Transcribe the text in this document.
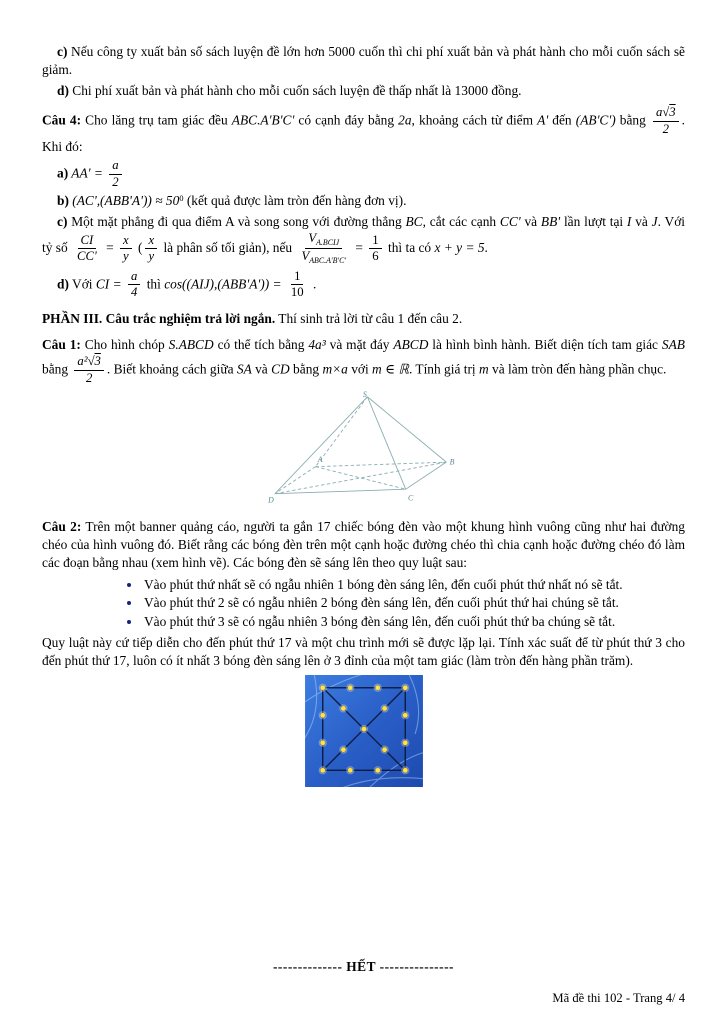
c) Nếu công ty xuất bản số sách luyện đề lớn hơn 5000 cuốn thì chi phí xuất bản và phát hành cho mỗi cuốn sách sẽ giảm.

d) Chi phí xuất bản và phát hành cho mỗi cuốn sách luyện đề thấp nhất là 13000 đồng.

Câu 4: Cho lăng trụ tam giác đều ABC.A'B'C' có cạnh đáy bằng 2a, khoảng cách từ điểm A' đến (AB'C') bằng $\frac{a√3}{2}$ . Khi đó:

a) $AA' = \frac{a}{2}$

b) $(AC',(ABB'A')) \approx 50^0$ (kết quả được làm tròn đến hàng đơn vị).

c) Một mặt phẳng đi qua điểm A và song song với đường thẳng BC, cắt các cạnh CC' và BB' lần lượt tại I và J. Với tỷ số $\frac{CI}{CC'} = \frac{x}{y}$ ( $\frac{x}{y}$ là phân số tối giản), nếu $\frac{V_{A.BCIJ}}{V_{ABC.A'B'C'}} = \frac{1}{6}$ thì ta có x + y = 5.

d) Với CI = $\frac{a}{4}$ thì $\cos((AIJ),(ABB'A')) = \frac{1}{10}$ .

PHẦN III. Câu trắc nghiệm trả lời ngắn. Thí sinh trả lời từ câu 1 đến câu 2.

Câu 1: Cho hình chóp S.ABCD có thể tích bằng 4a³ và mặt đáy ABCD là hình bình hành. Biết diện tích tam giác SAB bằng $\frac{\text{a²√3}}{2}$ . Biết khoảng cách giữa SA và CD bằng m×a với m ∈ ℝ. Tính giá trị m và làm tròn đến hàng phần chục.

S
A	B
C
D

Câu 2: Trên một banner quảng cáo, người ta gắn 17 chiếc bóng đèn vào một khung hình vuông cũng như hai đường chéo của hình vuông đó. Biết rằng các bóng đèn trên một cạnh hoặc đường chéo thì chia cạnh hoặc đường chéo đó làm các đoạn bằng nhau (xem hình vẽ). Các bóng đèn sẽ sáng lên theo quy luật sau:

• Vào phút thứ nhất sẽ có ngẫu nhiên 1 bóng đèn sáng lên, đến cuối phút thứ nhất nó sẽ tắt.
• Vào phút thứ 2 sẽ có ngẫu nhiên 2 bóng đèn sáng lên, đến cuối phút thứ hai chúng sẽ tắt.
• Vào phút thứ 3 sẽ có ngẫu nhiên 3 bóng đèn sáng lên, đến cuối phút thứ ba chúng sẽ tắt.

Quy luật này cứ tiếp diễn cho đến phút thứ 17 và một chu trình mới sẽ được lặp lại. Tính xác suất để từ phút thứ 3 cho đến phút thứ 17, luôn có ít nhất 3 bóng đèn sáng lên ở 3 đỉnh của một tam giác (làm tròn đến hàng phần trăm).

-------------- HẾT ---------------

Mã đề thi 102 - Trang 4/ 4
